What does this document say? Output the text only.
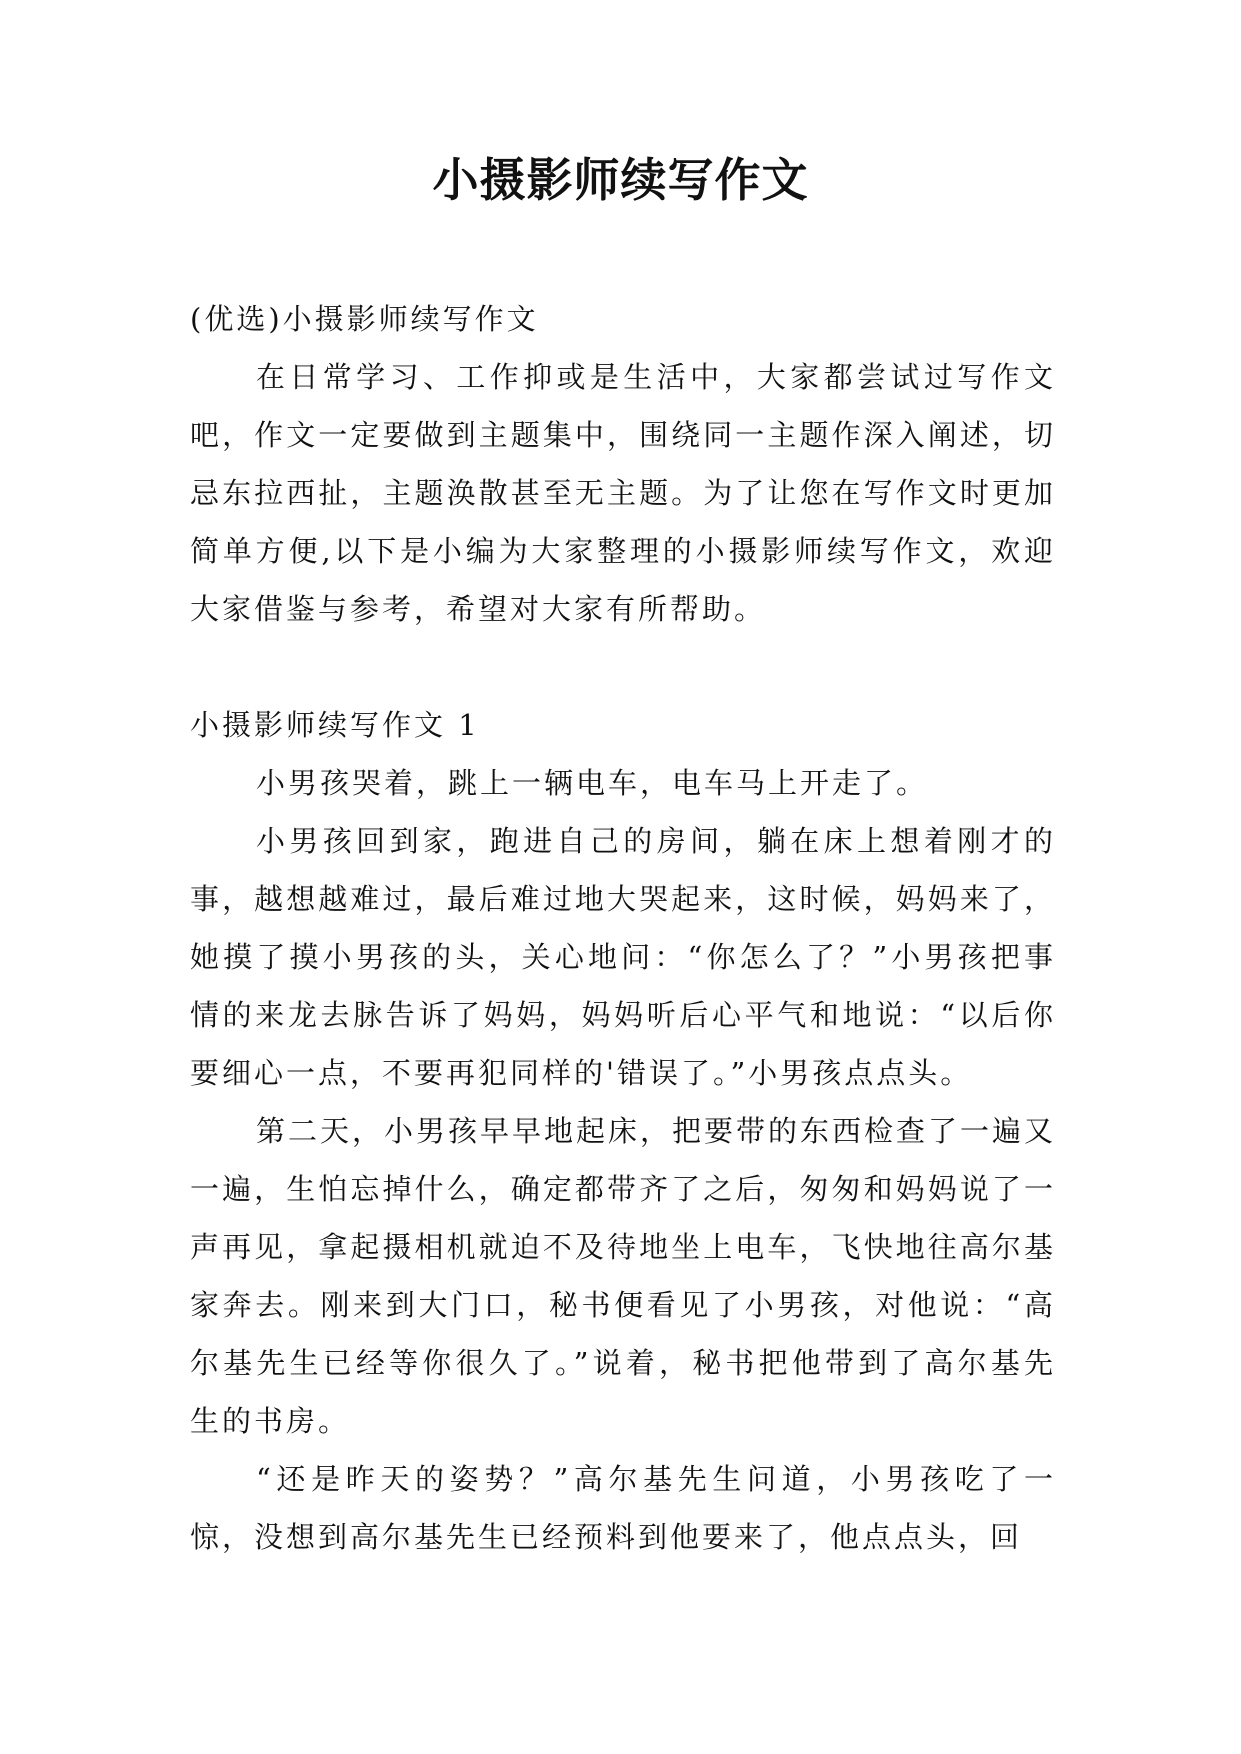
小摄影师续写作文

(优选)小摄影师续写作文

在日常学习、工作抑或是生活中，大家都尝试过写作文吧，作文一定要做到主题集中，围绕同一主题作深入阐述，切忌东拉西扯，主题涣散甚至无主题。为了让您在写作文时更加简单方便,以下是小编为大家整理的小摄影师续写作文，欢迎大家借鉴与参考，希望对大家有所帮助。

小摄影师续写作文 1

小男孩哭着，跳上一辆电车，电车马上开走了。

小男孩回到家，跑进自己的房间，躺在床上想着刚才的事，越想越难过，最后难过地大哭起来，这时候，妈妈来了，她摸了摸小男孩的头，关心地问：“你怎么了？”小男孩把事情的来龙去脉告诉了妈妈，妈妈听后心平气和地说：“以后你要细心一点，不要再犯同样的'错误了。”小男孩点点头。

第二天，小男孩早早地起床，把要带的东西检查了一遍又一遍，生怕忘掉什么，确定都带齐了之后，匆匆和妈妈说了一声再见，拿起摄相机就迫不及待地坐上电车，飞快地往高尔基家奔去。刚来到大门口，秘书便看见了小男孩，对他说：“高尔基先生已经等你很久了。”说着，秘书把他带到了高尔基先生的书房。

“还是昨天的姿势？”高尔基先生问道，小男孩吃了一惊，没想到高尔基先生已经预料到他要来了，他点点头，回
